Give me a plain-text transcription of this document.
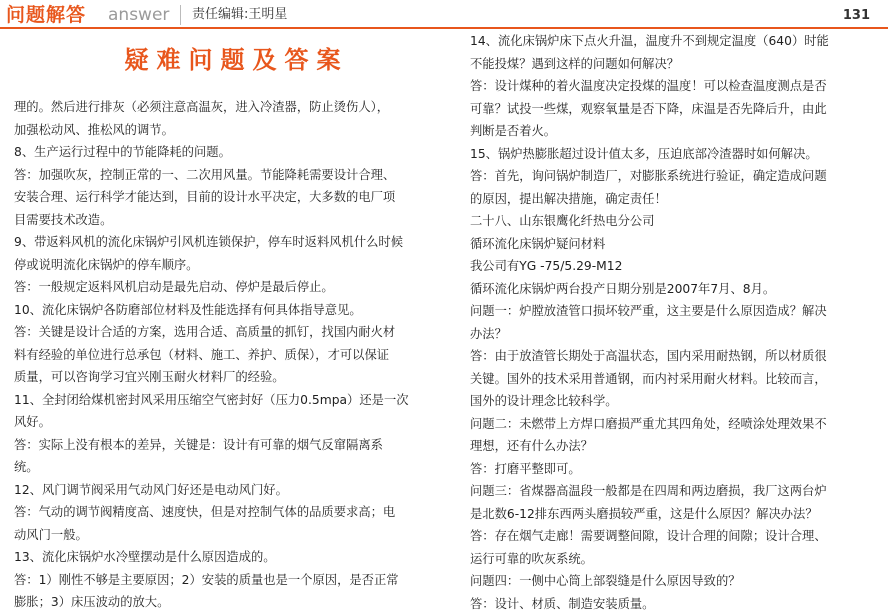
问题解答 answer 责任编辑:王明星	131
疑难问题及答案

理的。然后进行排灰（必须注意高温灰，进入冷渣器，防止烫伤人），

加强松动风、推松风的调节。

8、生产运行过程中的节能降耗的问题。

答：加强吹灰，控制正常的一、二次用风量。节能降耗需要设计合理、

安装合理、运行科学才能达到，目前的设计水平决定，大多数的电厂项

目需要技术改造。

9、带返料风机的流化床锅炉引风机连锁保护，停车时返料风机什么时候

停或说明流化床锅炉的停车顺序。

答：一般规定返料风机启动是最先启动、停炉是最后停止。

10、流化床锅炉各防磨部位材料及性能选择有何具体指导意见。

答：关键是设计合适的方案，选用合适、高质量的抓钉，找国内耐火材

料有经验的单位进行总承包（材料、施工、养护、质保），才可以保证

质量，可以咨询学习宜兴刚玉耐火材料厂的经验。

11、全封闭给煤机密封风采用压缩空气密封好（压力0.5mpa）还是一次

风好。

答：实际上没有根本的差异，关键是：设计有可靠的烟气反窜隔离系

统。

12、风门调节阀采用气动风门好还是电动风门好。

答：气动的调节阀精度高、速度快，但是对控制气体的品质要求高；电

动风门一般。

13、流化床锅炉水冷壁摆动是什么原因造成的。

答：1）刚性不够是主要原因；2）安装的质量也是一个原因，是否正常

膨胀；3）床压波动的放大。

14、流化床锅炉床下点火升温，温度升不到规定温度（640）时能

不能投煤？遇到这样的问题如何解决？

答：设计煤种的着火温度决定投煤的温度！可以检查温度测点是否

可靠？试投一些煤，观察氧量是否下降，床温是否先降后升，由此

判断是否着火。

15、锅炉热膨胀超过设计值太多，压迫底部冷渣器时如何解决。

答：首先，询问锅炉制造厂，对膨胀系统进行验证，确定造成问题

的原因，提出解决措施，确定责任！

二十八、山东银鹰化纤热电分公司

循环流化床锅炉疑问材料

我公司有YG -75/5.29-M12

循环流化床锅炉两台投产日期分别是2007年7月、8月。

问题一：炉膛放渣管口损坏较严重，这主要是什么原因造成？解决

办法？

答：由于放渣管长期处于高温状态，国内采用耐热钢，所以材质很

关键。国外的技术采用普通钢，而内衬采用耐火材料。比较而言，

国外的设计理念比较科学。

问题二：未燃带上方焊口磨损严重尤其四角处，经喷涂处理效果不

理想，还有什么办法？

答：打磨平整即可。

问题三：省煤器高温段一般都是在四周和两边磨损，我厂这两台炉

是北数6-12排东西两头磨损较严重，这是什么原因？解决办法？

答：存在烟气走廊！需要调整间隙，设计合理的间隙；设计合理、

运行可靠的吹灰系统。

问题四：一侧中心筒上部裂缝是什么原因导致的？

答：设计、材质、制造安装质量。
